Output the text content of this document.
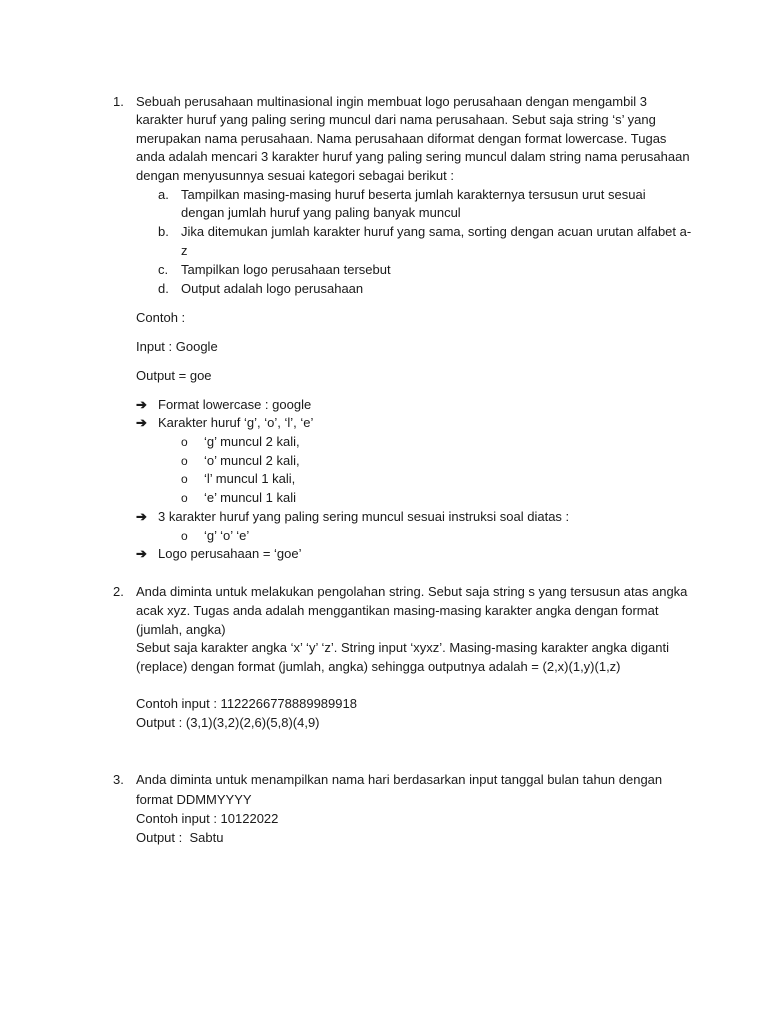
1. Sebuah perusahaan multinasional ingin membuat logo perusahaan dengan mengambil 3
karakter huruf yang paling sering muncul dari nama perusahaan. Sebut saja string ‘s’ yang
merupakan nama perusahaan. Nama perusahaan diformat dengan format lowercase. Tugas
anda adalah mencari 3 karakter huruf yang paling sering muncul dalam string nama perusahaan
dengan menyusunnya sesuai kategori sebagai berikut :
a. Tampilkan masing-masing huruf beserta jumlah karakternya tersusun urut sesuai
dengan jumlah huruf yang paling banyak muncul
b. Jika ditemukan jumlah karakter huruf yang sama, sorting dengan acuan urutan alfabet a-
z
c. Tampilkan logo perusahaan tersebut
d. Output adalah logo perusahaan
Contoh :
Input : Google
Output = goe
➔ Format lowercase : google
➔ Karakter huruf ‘g’, ‘o’, ‘l’, ‘e’
o ‘g’ muncul 2 kali,
o ‘o’ muncul 2 kali,
o ‘l’ muncul 1 kali,
o ‘e’ muncul 1 kali
➔ 3 karakter huruf yang paling sering muncul sesuai instruksi soal diatas :
o ‘g’ ‘o’ ‘e’
➔ Logo perusahaan = ‘goe’
2. Anda diminta untuk melakukan pengolahan string. Sebut saja string s yang tersusun atas angka
acak xyz. Tugas anda adalah menggantikan masing-masing karakter angka dengan format
(jumlah, angka)
Sebut saja karakter angka ‘x’ ‘y’ ‘z’. String input ‘xyxz’. Masing-masing karakter angka diganti
(replace) dengan format (jumlah, angka) sehingga outputnya adalah = (2,x)(1,y)(1,z)
Contoh input : 1122266778889989918
Output : (3,1)(3,2)(2,6)(5,8)(4,9)
3. Anda diminta untuk menampilkan nama hari berdasarkan input tanggal bulan tahun dengan
format DDMMYYYY
Contoh input : 10122022
Output :  Sabtu
